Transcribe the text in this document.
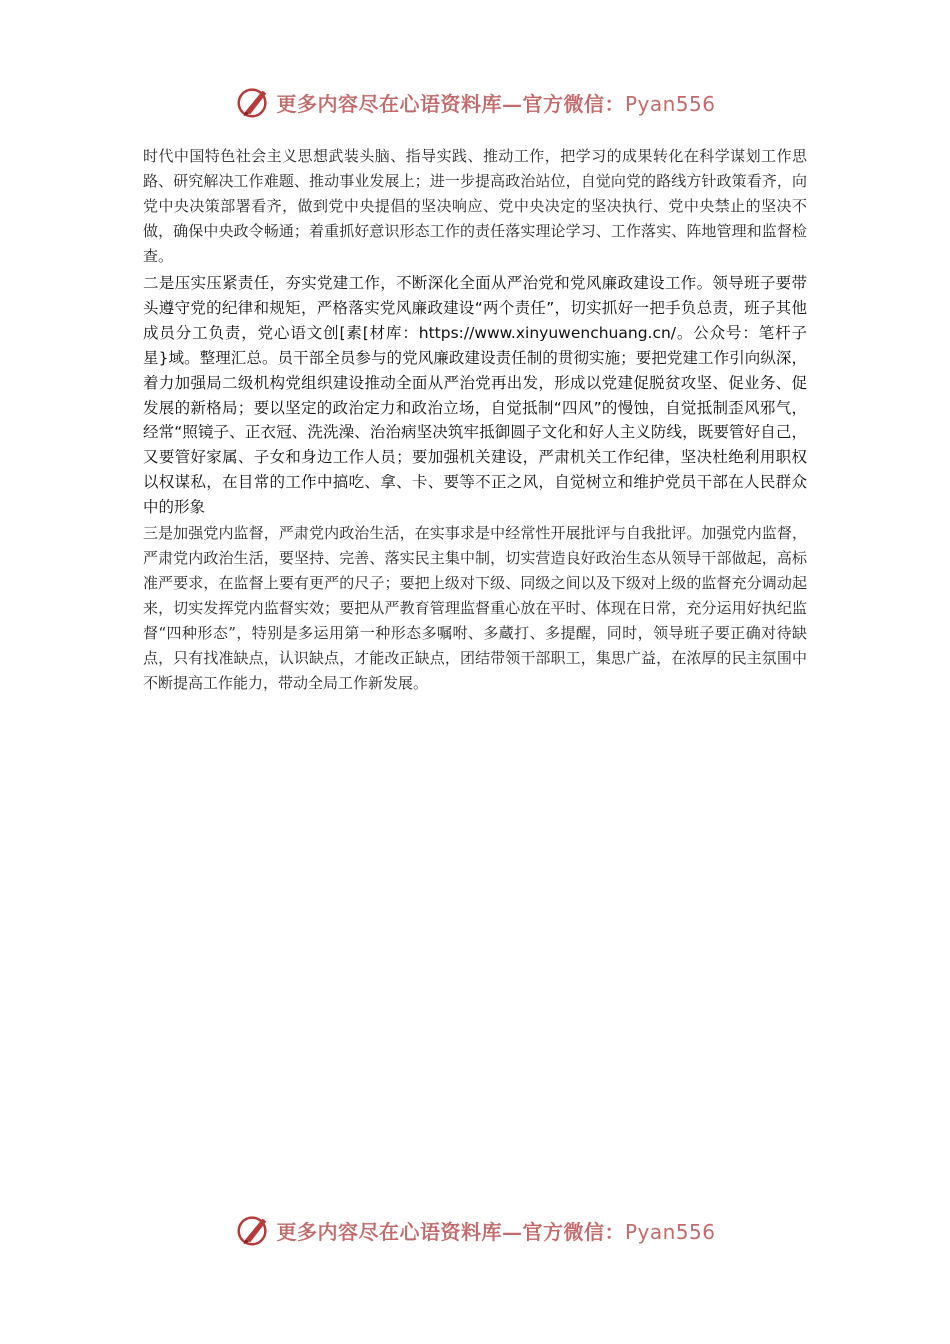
更多内容尽在心语资料库—官方微信：Pyan556

时代中国特色社会主义思想武装头脑、指导实践、推动工作，把学习的成果转化在科学谋划工作思路、研究解决工作难题、推动事业发展上；进一步提高政治站位，自觉向党的路线方针政策看齐，向党中央决策部署看齐，做到党中央提倡的坚决响应、党中央决定的坚决执行、党中央禁止的坚决不做，确保中央政令畅通；着重抓好意识形态工作的责任落实理论学习、工作落实、阵地管理和监督检查。

二是压实压紧责任，夯实党建工作，不断深化全面从严治党和党风廉政建设工作。领导班子要带头遵守党的纪律和规矩，严格落实党风廉政建设“两个责任”，切实抓好一把手负总责，班子其他成员分工负责，党心语文创[素[材库：https://www.xinyuwenchuang.cn/。公众号：笔杆子星}域。整理汇总。员干部全员参与的党风廉政建设责任制的贯彻实施；要把党建工作引向纵深，着力加强局二级机构党组织建设推动全面从严治党再出发，形成以党建促脱贫攻坚、促业务、促发展的新格局；要以坚定的政治定力和政治立场，自觉抵制“四风”的慢蚀，自觉抵制歪风邪气，经常“照镜子、正衣冠、洗洗澡、治治病坚决筑牢抵御圆子文化和好人主义防线，既要管好自己，又要管好家属、子女和身边工作人员；要加强机关建设，严肃机关工作纪律，坚决杜绝利用职权以权谋私，在目常的工作中搞吃、拿、卡、要等不正之风，自觉树立和维护党员干部在人民群众中的形象

三是加强党内监督，严肃党内政治生活，在实事求是中经常性开展批评与自我批评。加强党内监督，严肃党内政治生活，要坚持、完善、落实民主集中制，切实营造良好政治生态从领导干部做起，高标准严要求，在监督上要有更严的尺子；要把上级对下级、同级之间以及下级对上级的监督充分调动起来，切实发挥党内监督实效；要把从严教育管理监督重心放在平时、体现在日常，充分运用好执纪监督“四种形态”，特别是多运用第一种形态多嘱咐、多蔵打、多提醒，同时，领导班子要正确对待缺点，只有找准缺点，认识缺点，才能改正缺点，团结带领干部职工，集思广益，在浓厚的民主氛围中不断提高工作能力，带动全局工作新发展。

更多内容尽在心语资料库—官方微信：Pyan556
